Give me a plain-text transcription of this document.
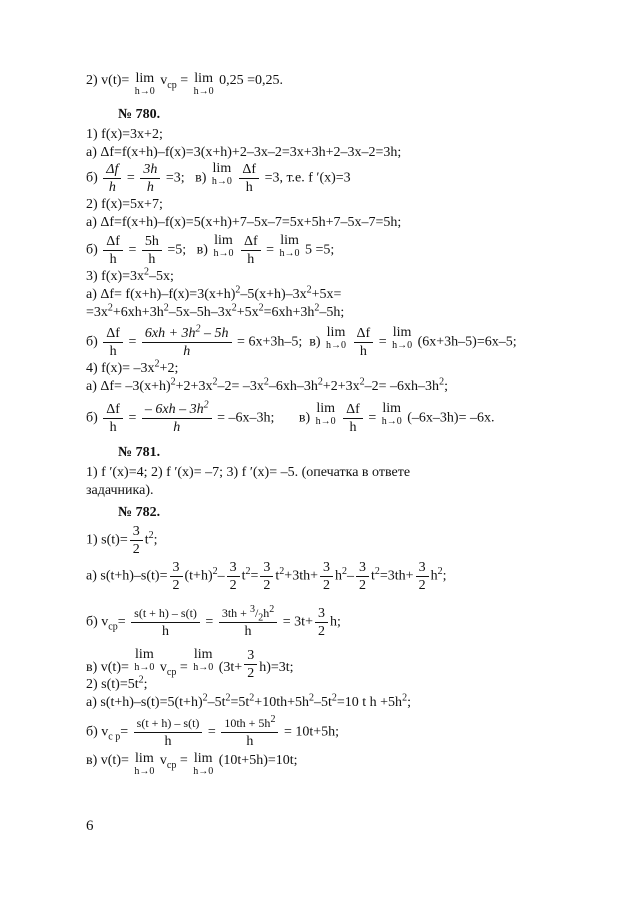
2) v(t)= lim
h→0
$v_{ср} = \lim$
h→0
0,25 =0,25.
№ 780.
1) f(x)=3x+2;
а) Δf=f(x+h)–f(x)=3(x+h)+2–3x–2=3x+3h+2–3x–2=3h;
$б) \frac{\Delta f}{h} = \frac{3h}{h} =3$; в)
lim
h→0
$\frac{\Delta f}{h} =3$, т.е. f ′(x)=3
2) f(x)=5x+7;
а) Δf=f(x+h)–f(x)=5(x+h)+7–5x–7=5x+5h+7–5x–7=5h;
$б) \frac{\Delta f}{h} = \frac{5h}{h} =5$; в)
lim
h→0
$\frac{\Delta f}{h}$ =
lim
h→0 5 =5;
3) $f(x)=3x^2-5x$;
а) $\Delta f= f(x+h)-f(x)=3(x+h)^2-5(x+h)-3x^2+5x=$
$=3x^2+6xh+3h^2-5x-5h-3x^2+5x^2=6xh+3h^2-5h$;
$б) \frac{\Delta f}{h} = \frac{6xh + 3h^2 - 5h}{h} = 6x+3h-5$; в)
lim
h→0
$\frac{\Delta f}{h}$ =
lim
h→0 (6x+3h–5)=6x–5;
4) $f(x)= -3x^2+2$;
а) $\Delta f= -3(x+h)^2+2+3x^2-2= -3x^2-6xh-3h^2+2+3x^2-2= -6xh-3h^2$;
$б) \frac{\Delta f}{h} = \frac{- 6xh - 3h^2}{h} = -6x-3h$; в)
lim
h→0
$\frac{\Delta f}{h}$ =
lim
h→0 (–6x–3h)= –6x.
№ 781.
1) f ′(x)=4; 2) f ′(x)= –7; 3) f ′(x)= –5. (опечатка в ответе
задачника).
№ 782.
1) $s(t)= \frac{3}{2} t^2$;
а) $s(t+h)-s(t)= \frac{3}{2} (t+h)^2- \frac{3}{2} t^2= \frac{3}{2} t^2+3th+ \frac{3}{2} h^2- \frac{3}{2} t^2=3th+ \frac{3}{2} h^2$;
б) $v_{ср}= \frac{s(t + h) - s(t)}{h} = \frac{3th + ^3/_2h^2}{h} = 3t+ \frac{3}{2} h$;
в) v(t)=
lim
h→0 $v_{ср}$ =
lim
h→0 $(3t+ \frac{3}{2} h)=3t$;
2) $s(t)=5t^2$;
а) $s(t+h)-s(t)=5(t+h)^2-5t^2=5t^2+10th+5h^2-5t^2=10$ t $h +5h^2$;
б) $v_{с р}= \frac{s(t + h) - s(t)}{h} = \frac{10th + 5h^2}{h} = 10t+5h$;
в) v(t)= lim
h→0
$v_{ср} = \lim$
h→0
(10t+5h)=10t;
6
